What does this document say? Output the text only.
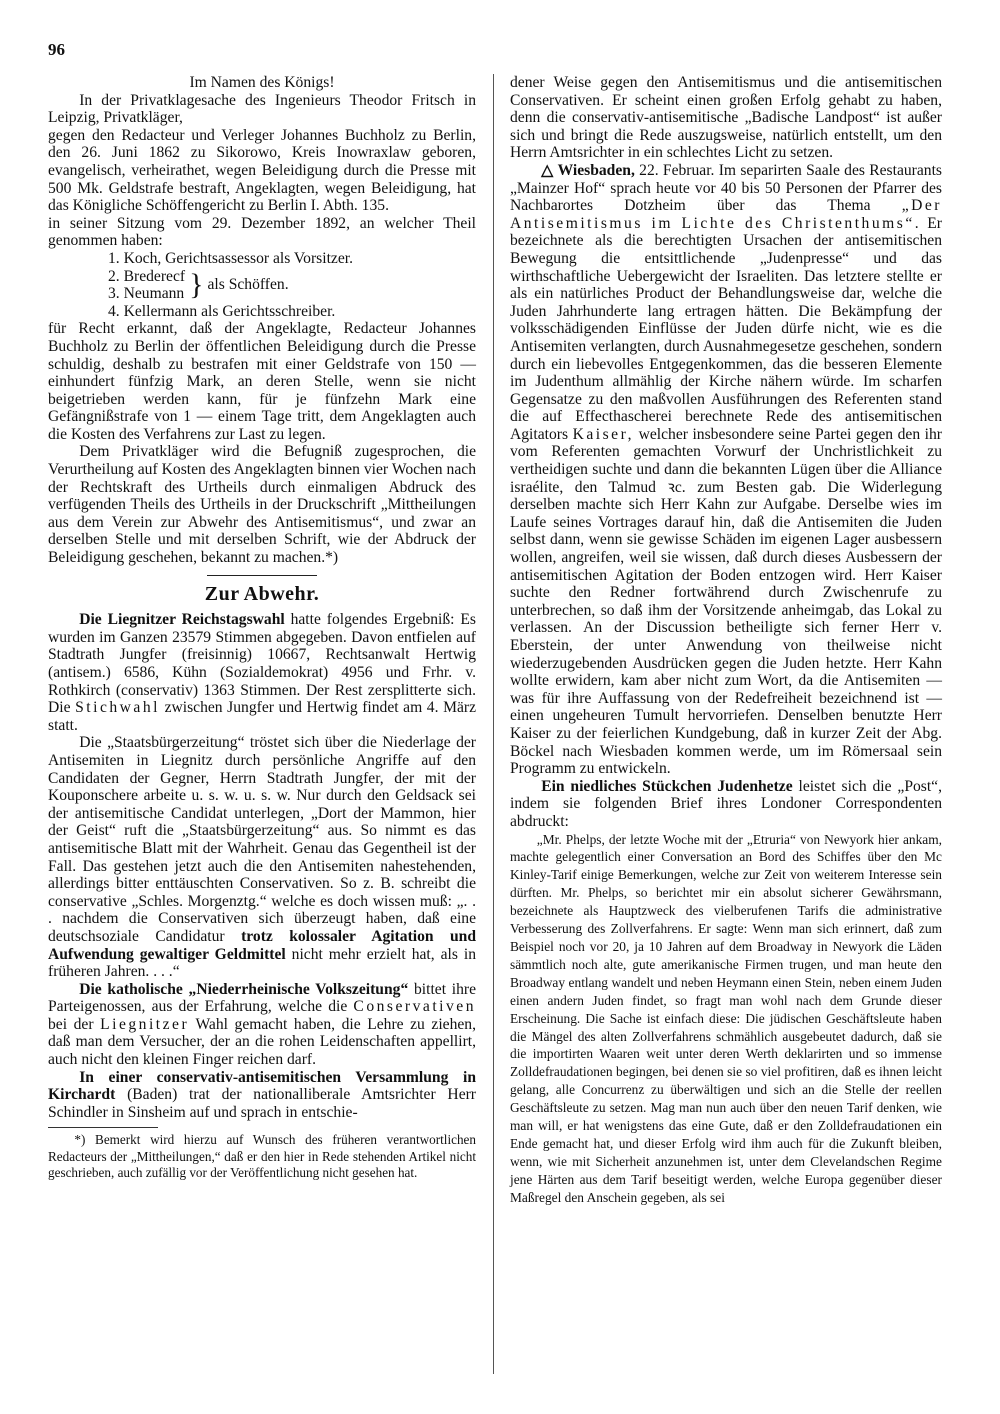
96

Im Namen des Königs!

In der Privatklagesache des Ingenieurs Theodor Fritsch in Leipzig, Privatkläger,

gegen den Redacteur und Verleger Johannes Buchholz zu Berlin, den 26. Juni 1862 zu Sikorowo, Kreis Inowraxlaw geboren, evangelisch, verheirathet, wegen Beleidigung durch die Presse mit 500 Mk. Geldstrafe bestraft, Angeklagten, wegen Beleidigung, hat das Königliche Schöffengericht zu Berlin I. Abth. 135.

in seiner Sitzung vom 29. Dezember 1892, an welcher Theil genommen haben:

1. Koch, Gerichtsassessor als Vorsitzer.
2. Brederecf
3. Neumann } als Schöffen.
4. Kellermann als Gerichtsschreiber.

für Recht erkannt, daß der Angeklagte, Redacteur Johannes Buchholz zu Berlin der öffentlichen Beleidigung durch die Presse schuldig, deshalb zu bestrafen mit einer Geldstrafe von 150 — einhundert fünfzig Mark, an deren Stelle, wenn sie nicht beigetrieben werden kann, für je fünfzehn Mark eine Gefängnißstrafe von 1 — einem Tage tritt, dem Angeklagten auch die Kosten des Verfahrens zur Last zu legen.

Dem Privatkläger wird die Befugniß zugesprochen, die Verurtheilung auf Kosten des Angeklagten binnen vier Wochen nach der Rechtskraft des Urtheils durch einmaligen Abdruck des verfügenden Theils des Urtheils in der Druckschrift „Mittheilungen aus dem Verein zur Abwehr des Antisemitismus“, und zwar an derselben Stelle und mit derselben Schrift, wie der Abdruck der Beleidigung geschehen, bekannt zu machen.*)

Zur Abwehr.

Die Liegnitzer Reichstagswahl hatte folgendes Ergebniß: Es wurden im Ganzen 23579 Stimmen abgegeben. Davon entfielen auf Stadtrath Jungfer (freisinnig) 10667, Rechtsanwalt Hertwig (antisem.) 6586, Kühn (Sozialdemokrat) 4956 und Frhr. v. Rothkirch (conservativ) 1363 Stimmen. Der Rest zersplitterte sich. Die Stichwahl zwischen Jungfer und Hertwig findet am 4. März statt.

Die „Staatsbürgerzeitung“ tröstet sich über die Niederlage der Antisemiten in Liegnitz durch persönliche Angriffe auf den Candidaten der Gegner, Herrn Stadtrath Jungfer, der mit der Kouponschere arbeite u. s. w. u. s. w. Nur durch den Geldsack sei der antisemitische Candidat unterlegen, „Dort der Mammon, hier der Geist“ ruft die „Staatsbürgerzeitung“ aus. So nimmt es das antisemitische Blatt mit der Wahrheit. Genau das Gegentheil ist der Fall. Das gestehen jetzt auch die den Antisemiten nahestehenden, allerdings bitter enttäuschten Conservativen. So z. B. schreibt die conservative „Schles. Morgenztg.“ welche es doch wissen muß: „. . . nachdem die Conservativen sich überzeugt haben, daß eine deutschsoziale Candidatur trotz kolossaler Agitation und Aufwendung gewaltiger Geldmittel nicht mehr erzielt hat, als in früheren Jahren. . . .“

Die katholische „Niederrheinische Volkszeitung“ bittet ihre Parteigenossen, aus der Erfahrung, welche die Conservativen bei der Liegnitzer Wahl gemacht haben, die Lehre zu ziehen, daß man dem Versucher, der an die rohen Leidenschaften appellirt, auch nicht den kleinen Finger reichen darf.

In einer conservativ-antisemitischen Versammlung in Kirchardt (Baden) trat der nationalliberale Amtsrichter Herr Schindler in Sinsheim auf und sprach in entschie-

*) Bemerkt wird hierzu auf Wunsch des früheren verantwortlichen Redacteurs der „Mittheilungen,“ daß er den hier in Rede stehenden Artikel nicht geschrieben, auch zufällig vor der Veröffentlichung nicht gesehen hat.

dener Weise gegen den Antisemitismus und die antisemitischen Conservativen. Er scheint einen großen Erfolg gehabt zu haben, denn die conservativ-antisemitische „Badische Landpost“ ist außer sich und bringt die Rede auszugsweise, natürlich entstellt, um den Herrn Amtsrichter in ein schlechtes Licht zu setzen.

△ Wiesbaden, 22. Februar. Im separirten Saale des Restaurants „Mainzer Hof“ sprach heute vor 40 bis 50 Personen der Pfarrer des Nachbarortes Dotzheim über das Thema „Der Antisemitismus im Lichte des Christenthums“. Er bezeichnete als die berechtigten Ursachen der antisemitischen Bewegung die entsittlichende „Judenpresse“ und das wirthschaftliche Uebergewicht der Israeliten. Das letztere stellte er als ein natürliches Product der Behandlungsweise dar, welche die Juden Jahrhunderte lang ertragen hätten. Die Bekämpfung der volksschädigenden Einflüsse der Juden dürfe nicht, wie es die Antisemiten verlangten, durch Ausnahmegesetze geschehen, sondern durch ein liebevolles Entgegenkommen, das die besseren Elemente im Judenthum allmählig der Kirche nähern würde. Im scharfen Gegensatze zu den maßvollen Ausführungen des Referenten stand die auf Effecthascherei berechnete Rede des antisemitischen Agitators Kaiser, welcher insbesondere seine Partei gegen den ihr vom Referenten gemachten Vorwurf der Unchristlichkeit zu vertheidigen suchte und dann die bekannten Lügen über die Alliance israélite, den Talmud ꝛc. zum Besten gab. Die Widerlegung derselben machte sich Herr Kahn zur Aufgabe. Derselbe wies im Laufe seines Vortrages darauf hin, daß die Antisemiten die Juden selbst dann, wenn sie gewisse Schäden im eigenen Lager ausbessern wollen, angreifen, weil sie wissen, daß durch dieses Ausbessern der antisemitischen Agitation der Boden entzogen wird. Herr Kaiser suchte den Redner fortwährend durch Zwischenrufe zu unterbrechen, so daß ihm der Vorsitzende anheimgab, das Lokal zu verlassen. An der Discussion betheiligte sich ferner Herr v. Eberstein, der unter Anwendung von theilweise nicht wiederzugebenden Ausdrücken gegen die Juden hetzte. Herr Kahn wollte erwidern, kam aber nicht zum Wort, da die Antisemiten — was für ihre Auffassung von der Redefreiheit bezeichnend ist — einen ungeheuren Tumult hervorriefen. Denselben benutzte Herr Kaiser zu der feierlichen Kundgebung, daß in kurzer Zeit der Abg. Böckel nach Wiesbaden kommen werde, um im Römersaal sein Programm zu entwickeln.

Ein niedliches Stückchen Judenhetze leistet sich die „Post“, indem sie folgenden Brief ihres Londoner Correspondenten abdruckt:

„Mr. Phelps, der letzte Woche mit der „Etruria“ von Newyork hier ankam, machte gelegentlich einer Conversation an Bord des Schiffes über den Mc Kinley-Tarif einige Bemerkungen, welche zur Zeit von weiterem Interesse sein dürften. Mr. Phelps, so berichtet mir ein absolut sicherer Gewährsmann, bezeichnete als Hauptzweck des vielberufenen Tarifs die administrative Verbesserung des Zollverfahrens. Er sagte: Wenn man sich erinnert, daß zum Beispiel noch vor 20, ja 10 Jahren auf dem Broadway in Newyork die Läden sämmtlich noch alte, gute amerikanische Firmen trugen, und man heute den Broadway entlang wandelt und neben Heymann einen Stein, neben einem Juden einen andern Juden findet, so fragt man wohl nach dem Grunde dieser Erscheinung. Die Sache ist einfach diese: Die jüdischen Geschäftsleute haben die Mängel des alten Zollverfahrens schmählich ausgebeutet dadurch, daß sie die importirten Waaren weit unter deren Werth deklarirten und so immense Zolldefraudationen begingen, bei denen sie so viel profitiren, daß es ihnen leicht gelang, alle Concurrenz zu überwältigen und sich an die Stelle der reellen Geschäftsleute zu setzen. Mag man nun auch über den neuen Tarif denken, wie man will, er hat wenigstens das eine Gute, daß er den Zolldefraudationen ein Ende gemacht hat, und dieser Erfolg wird ihm auch für die Zukunft bleiben, wenn, wie mit Sicherheit anzunehmen ist, unter dem Clevelandschen Regime jene Härten aus dem Tarif beseitigt werden, welche Europa gegenüber dieser Maßregel den Anschein gegeben, als sei
